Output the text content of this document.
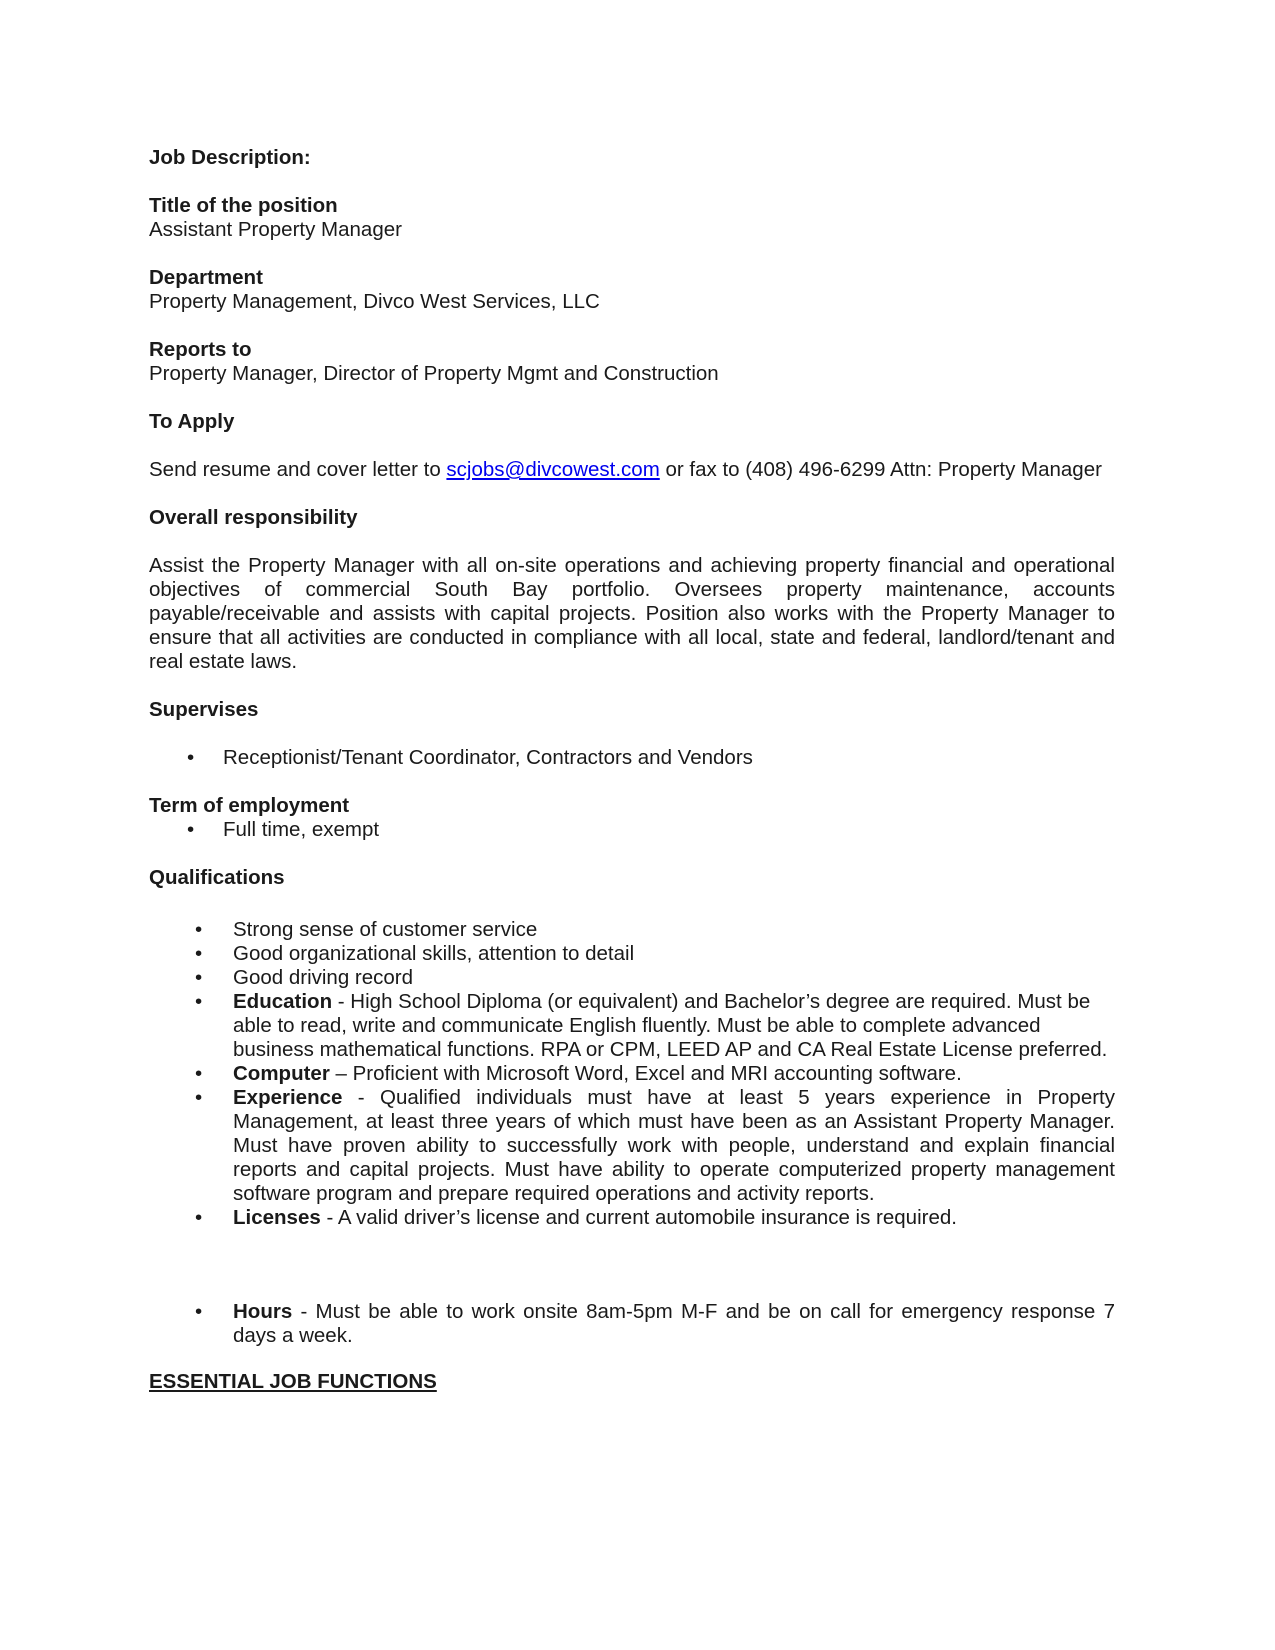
Job Description:
Title of the position
Assistant Property Manager
Department
Property Management, Divco West Services, LLC
Reports to
Property Manager, Director of Property Mgmt and Construction
To Apply
Send resume and cover letter to scjobs@divcowest.com or fax to (408) 496-6299 Attn: Property Manager
Overall responsibility
Assist the Property Manager with all on-site operations and achieving property financial and operational objectives of commercial South Bay portfolio. Oversees property maintenance, accounts payable/receivable and assists with capital projects. Position also works with the Property Manager to ensure that all activities are conducted in compliance with all local, state and federal, landlord/tenant and real estate laws.
Supervises
• Receptionist/Tenant Coordinator, Contractors and Vendors
Term of employment
• Full time, exempt
Qualifications
• Strong sense of customer service
• Good organizational skills, attention to detail
• Good driving record
• Education - High School Diploma (or equivalent) and Bachelor’s degree are required. Must be able to read, write and communicate English fluently. Must be able to complete advanced business mathematical functions. RPA or CPM, LEED AP and CA Real Estate License preferred.
• Computer – Proficient with Microsoft Word, Excel and MRI accounting software.
• Experience - Qualified individuals must have at least 5 years experience in Property Management, at least three years of which must have been as an Assistant Property Manager. Must have proven ability to successfully work with people, understand and explain financial reports and capital projects. Must have ability to operate computerized property management software program and prepare required operations and activity reports.
• Licenses - A valid driver’s license and current automobile insurance is required.
• Hours - Must be able to work onsite 8am-5pm M-F and be on call for emergency response 7 days a week.
ESSENTIAL JOB FUNCTIONS
